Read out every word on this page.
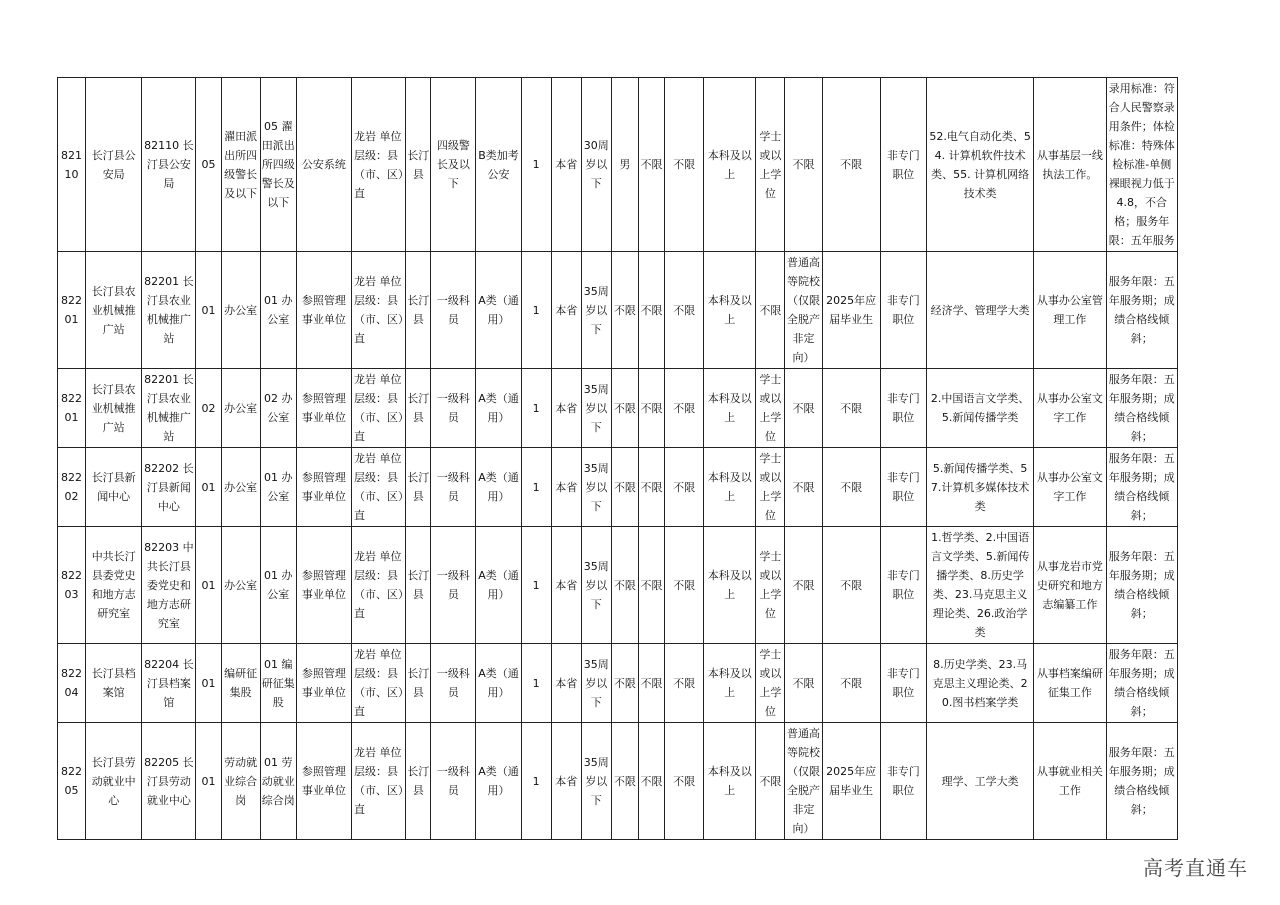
82110	长汀县公安局	82110 长汀县公安局	05	濯田派出所四级警长及以下	05 濯田派出所四级警长及以下	公安系统	龙岩 单位层级：县（市、区）直	长汀县	四级警长及以下	B类加考公安	1	本省	30周岁以下	男	不限	不限	本科及以上	学士或以上学位	不限	不限	非专门职位	52.电气自动化类、54. 计算机软件技术类、55. 计算机网络技术类	从事基层一线执法工作。	录用标准：符合人民警察录用条件；体检标准：特殊体检标准-单侧裸眼视力低于4.8，不合格；服务年限：五年服务
82201	长汀县农业机械推广站	82201 长汀县农业机械推广站	01	办公室	01 办公室	参照管理事业单位	龙岩 单位层级：县（市、区）直	长汀县	一级科员	A类（通用）	1	本省	35周岁以下	不限	不限	不限	本科及以上	不限	普通高等院校（仅限全脱产非定向）	2025年应届毕业生	非专门职位	经济学、管理学大类	从事办公室管理工作	服务年限：五年服务期；成绩合格线倾斜；
82201	长汀县农业机械推广站	82201 长汀县农业机械推广站	02	办公室	02 办公室	参照管理事业单位	龙岩 单位层级：县（市、区）直	长汀县	一级科员	A类（通用）	1	本省	35周岁以下	不限	不限	不限	本科及以上	学士或以上学位	不限	不限	非专门职位	2.中国语言文学类、5.新闻传播学类	从事办公室文字工作	服务年限：五年服务期；成绩合格线倾斜；
82202	长汀县新闻中心	82202 长汀县新闻中心	01	办公室	01 办公室	参照管理事业单位	龙岩 单位层级：县（市、区）直	长汀县	一级科员	A类（通用）	1	本省	35周岁以下	不限	不限	不限	本科及以上	学士或以上学位	不限	不限	非专门职位	5.新闻传播学类、57.计算机多媒体技术类	从事办公室文字工作	服务年限：五年服务期；成绩合格线倾斜；
82203	中共长汀县委党史和地方志研究室	82203 中共长汀县委党史和地方志研究室	01	办公室	01 办公室	参照管理事业单位	龙岩 单位层级：县（市、区）直	长汀县	一级科员	A类（通用）	1	本省	35周岁以下	不限	不限	不限	本科及以上	学士或以上学位	不限	不限	非专门职位	1.哲学类、2.中国语言文学类、5.新闻传播学类、8.历史学类、23.马克思主义理论类、26.政治学类	从事龙岩市党史研究和地方志编纂工作	服务年限：五年服务期；成绩合格线倾斜；
82204	长汀县档案馆	82204 长汀县档案馆	01	编研征集股	01 编研征集股	参照管理事业单位	龙岩 单位层级：县（市、区）直	长汀县	一级科员	A类（通用）	1	本省	35周岁以下	不限	不限	不限	本科及以上	学士或以上学位	不限	不限	非专门职位	8.历史学类、23.马克思主义理论类、20.图书档案学类	从事档案编研征集工作	服务年限：五年服务期；成绩合格线倾斜；
82205	长汀县劳动就业中心	82205 长汀县劳动就业中心	01	劳动就业综合岗	01 劳动就业综合岗	参照管理事业单位	龙岩 单位层级：县（市、区）直	长汀县	一级科员	A类（通用）	1	本省	35周岁以下	不限	不限	不限	本科及以上	不限	普通高等院校（仅限全脱产非定向）	2025年应届毕业生	非专门职位	理学、工学大类	从事就业相关工作	服务年限：五年服务期；成绩合格线倾斜；
高考直通车
